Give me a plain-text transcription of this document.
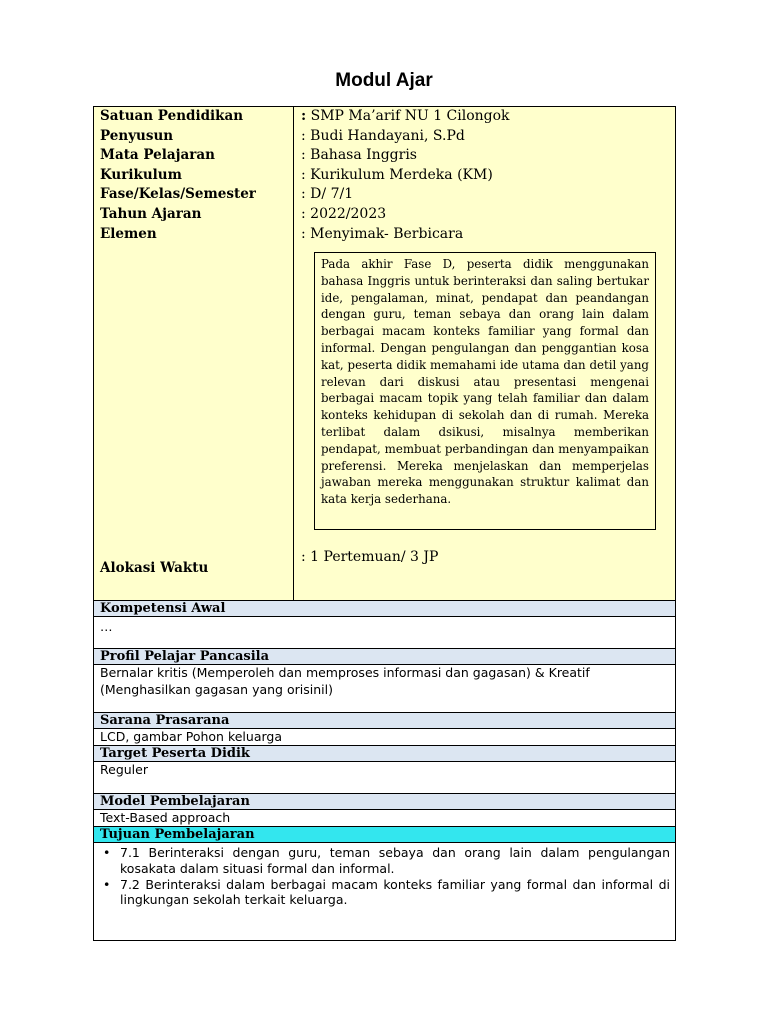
Modul Ajar
Satuan Pendidikan
Penyusun
Mata Pelajaran
Kurikulum
Fase/Kelas/Semester
Tahun Ajaran
Elemen
: SMP Ma’arif NU 1 Cilongok
: Budi Handayani, S.Pd
: Bahasa Inggris
: Kurikulum Merdeka (KM)
: D/ 7/1
: 2022/2023
: Menyimak- Berbicara
Pada akhir Fase D, peserta didik menggunakan bahasa Inggris untuk berinteraksi dan saling bertukar ide, pengalaman, minat, pendapat dan peandangan dengan guru, teman sebaya dan orang lain dalam berbagai macam konteks familiar yang formal dan informal. Dengan pengulangan dan penggantian kosa kat, peserta didik memahami ide utama dan detil yang relevan dari diskusi atau presentasi mengenai berbagai macam topik yang telah familiar dan dalam konteks kehidupan di sekolah dan di rumah. Mereka terlibat dalam dsikusi, misalnya memberikan pendapat, membuat perbandingan dan menyampaikan preferensi. Mereka menjelaskan dan memperjelas jawaban mereka menggunakan struktur kalimat dan kata kerja sederhana.
Alokasi Waktu
: 1 Pertemuan/ 3 JP
Kompetensi Awal
…
Profil Pelajar Pancasila
Bernalar kritis (Memperoleh dan memproses informasi dan gagasan) & Kreatif (Menghasilkan gagasan yang orisinil)
Sarana Prasarana
LCD, gambar Pohon keluarga
Target Peserta Didik
Reguler
Model Pembelajaran
Text-Based approach
Tujuan Pembelajaran
• 7.1 Berinteraksi dengan guru, teman sebaya dan orang lain dalam pengulangan kosakata dalam situasi formal dan informal.
• 7.2 Berinteraksi dalam berbagai macam konteks familiar yang formal dan informal di lingkungan sekolah terkait keluarga.
